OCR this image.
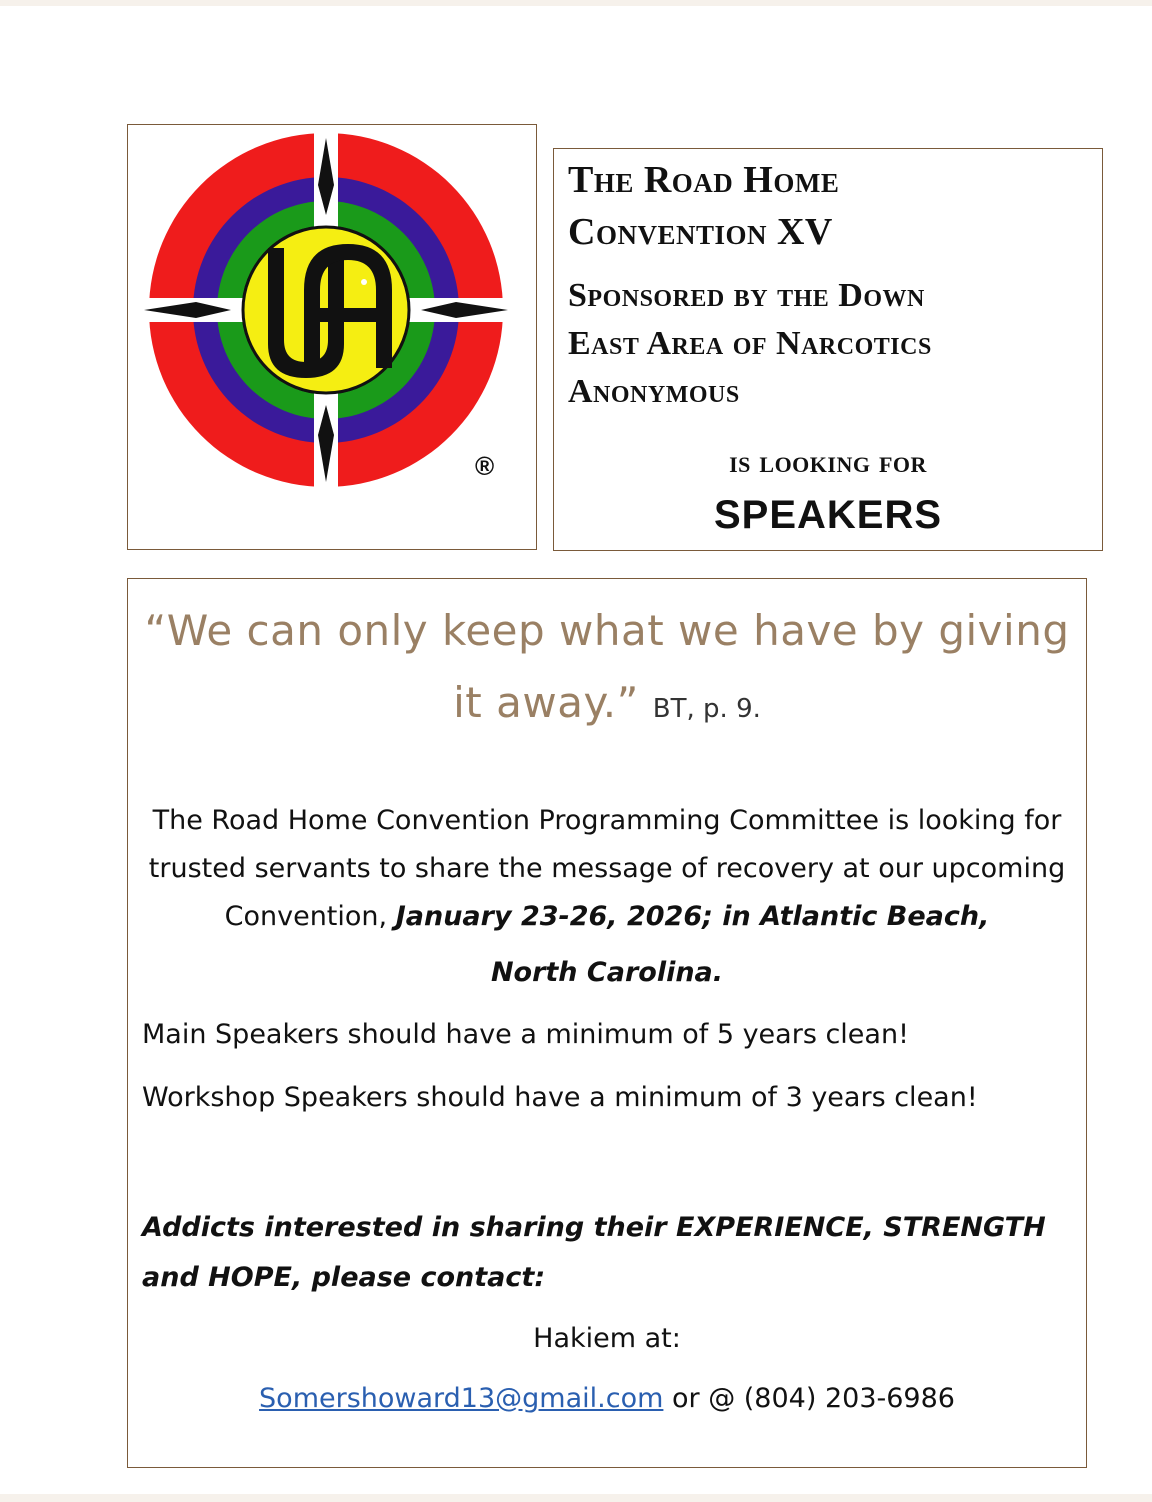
®

The Road Home

Convention XV

Sponsored by the Down

East Area of Narcotics

Anonymous

is looking for

SPEAKERS

“We can only keep what we have by giving
it away.” BT, p. 9.
The Road Home Convention Programming Committee is looking for trusted servants to share the message of recovery at our upcoming Convention, January 23-26, 2026; in Atlantic Beach,
North Carolina.
Main Speakers should have a minimum of 5 years clean!
Workshop Speakers should have a minimum of 3 years clean!
Addicts interested in sharing their EXPERIENCE, STRENGTH and HOPE, please contact:
Hakiem at:
Somershoward13@gmail.com or @ (804) 203-6986
